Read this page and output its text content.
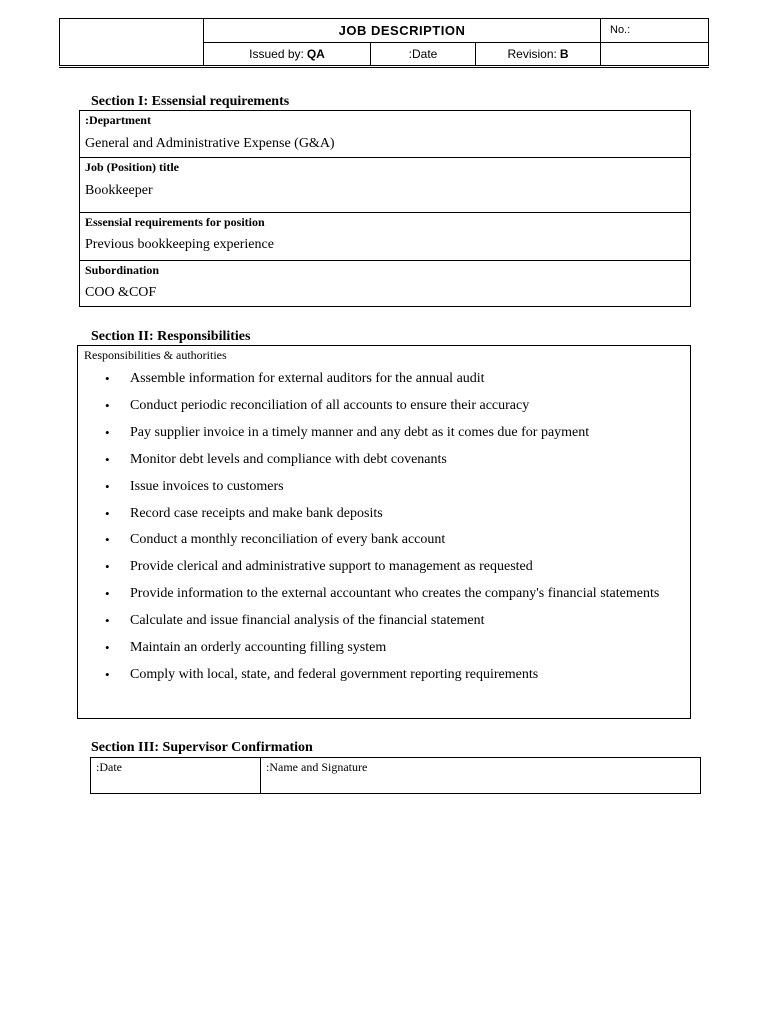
JOB DESCRIPTION	No.:
Issued by: QA	:Date	Revision: B
Section I: Essensial requirements
:Department
General and Administrative Expense (G&A)
Job (Position) title
Bookkeeper
Essensial requirements for position
Previous bookkeeping experience
Subordination
COO &COF
Section II: Responsibilities
Responsibilities & authorities
• Assemble information for external auditors for the annual audit
• Conduct periodic reconciliation of all accounts to ensure their accuracy
• Pay supplier invoice in a timely manner and any debt as it comes due for payment
• Monitor debt levels and compliance with debt covenants
• Issue invoices to customers
• Record case receipts and make bank deposits
• Conduct a monthly reconciliation of every bank account
• Provide clerical and administrative support to management as requested
• Provide information to the external accountant who creates the company's financial statements
• Calculate and issue financial analysis of the financial statement
• Maintain an orderly accounting filling system
• Comply with local, state, and federal government reporting requirements
Section III: Supervisor Confirmation
:Date	:Name and Signature
